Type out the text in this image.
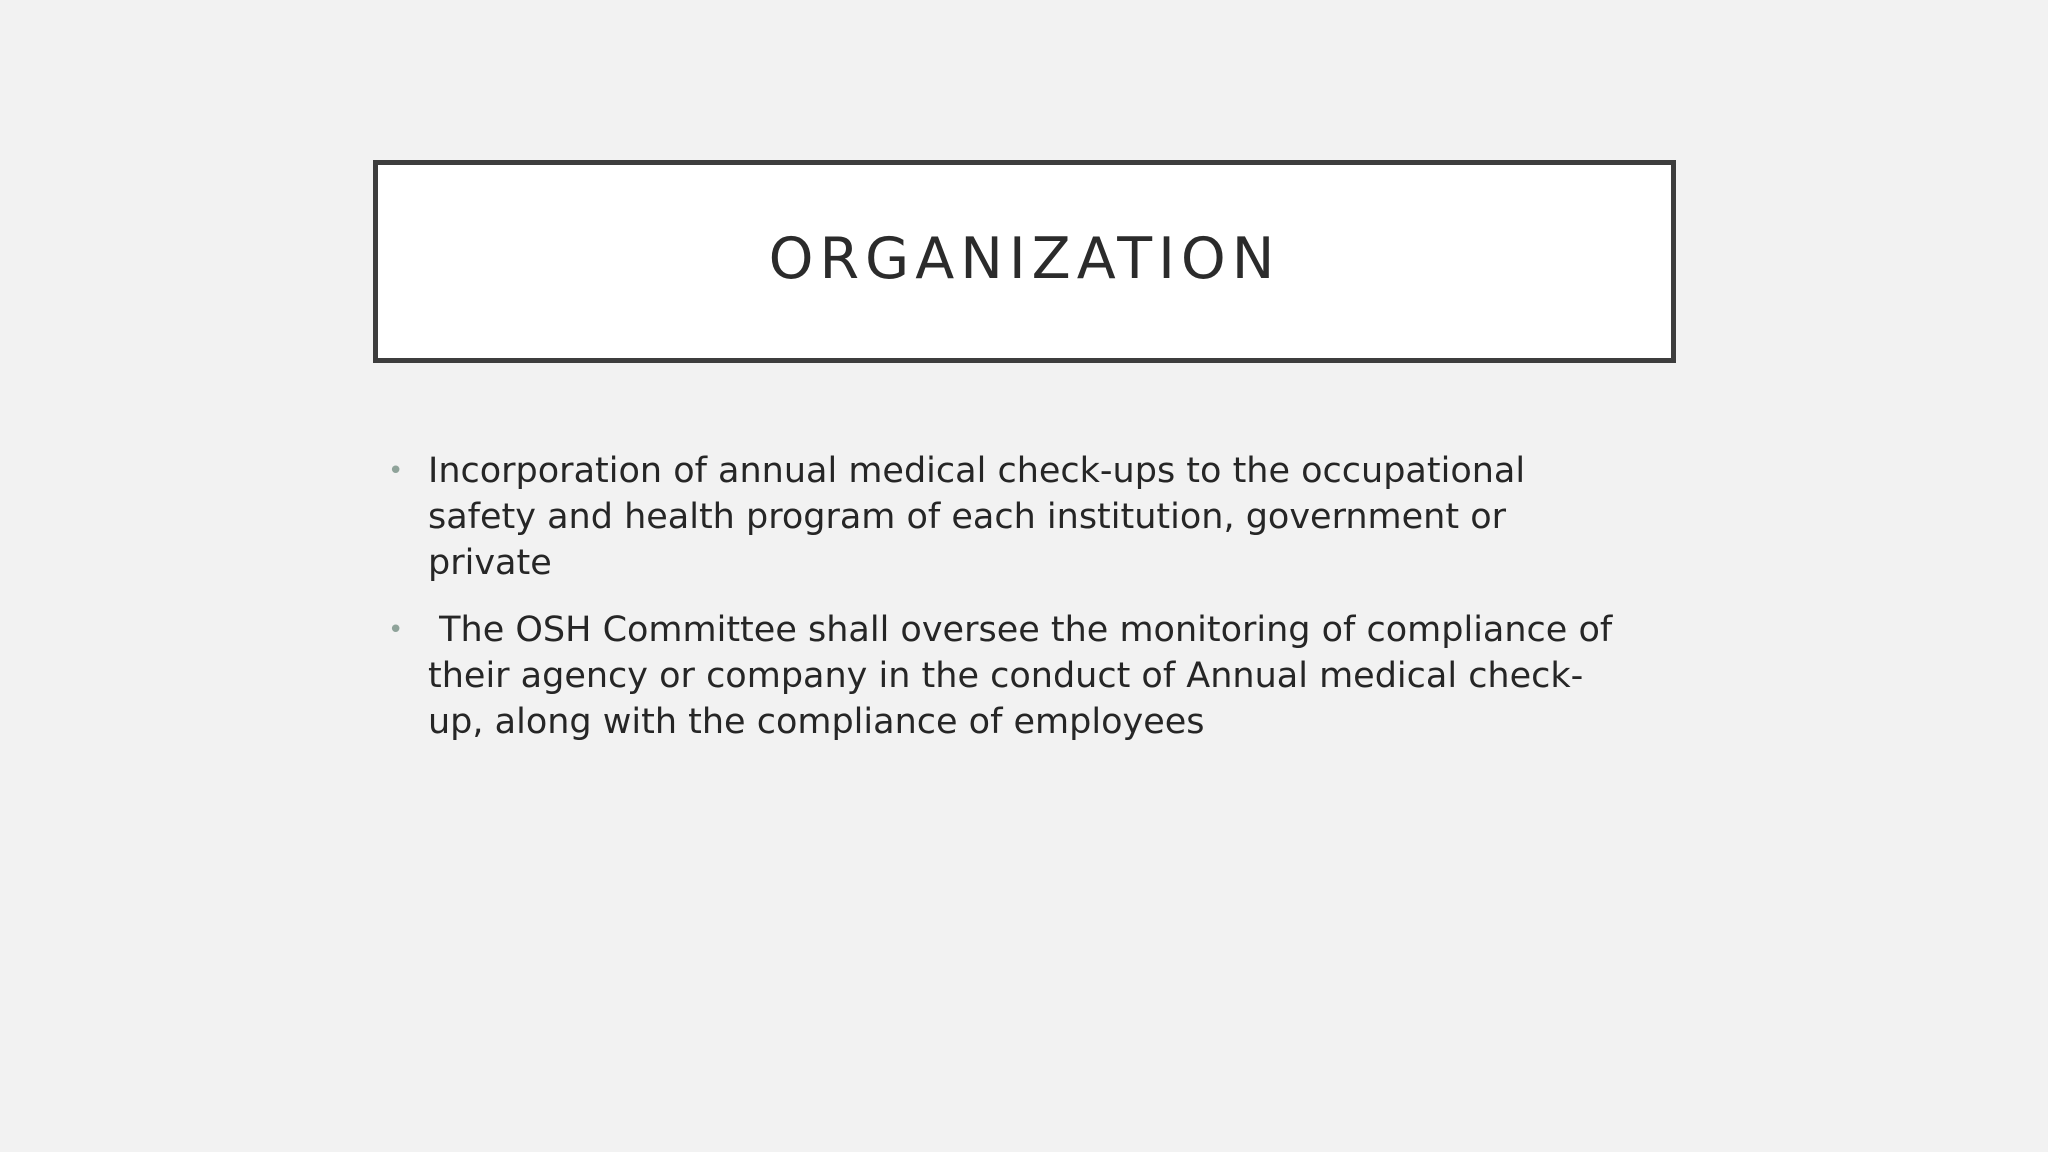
ORGANIZATION
• Incorporation of annual medical check-ups to the occupational safety and health program of each institution, government or private
• The OSH Committee shall oversee the monitoring of compliance of their agency or company in the conduct of Annual medical check-up, along with the compliance of employees
